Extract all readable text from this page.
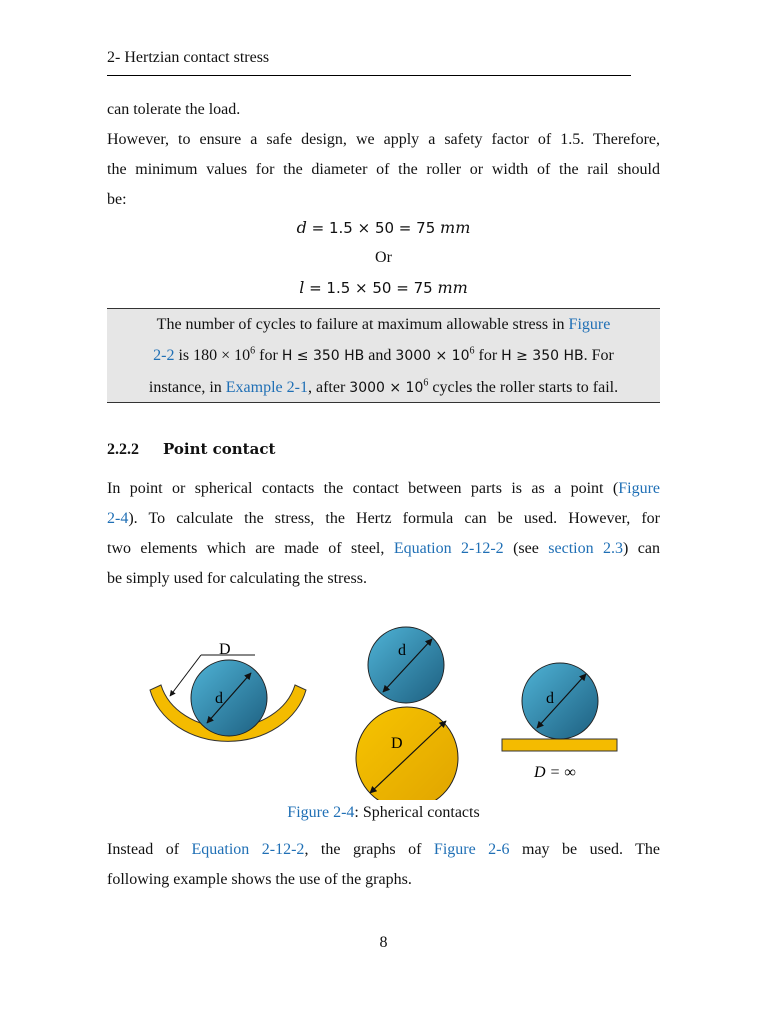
2- Hertzian contact stress
can tolerate the load.
However, to ensure a safe design, we apply a safety factor of 1.5. Therefore,
the minimum values for the diameter of the roller or width of the rail should
be:
d = 1.5 × 50 = 75 mm
Or
l = 1.5 × 50 = 75 mm

The number of cycles to failure at maximum allowable stress in Figure

2-2 is $180 \times 10^6$ for H ≤ 350 HB and $3000 \times 10^6$ for H ≥ 350 HB. For

instance, in Example 2-1, after $3000 \times 10^6$ cycles the roller starts to fail.

2.2.2 Point contact
In point or spherical contacts the contact between parts is as a point (Figure
2-4). To calculate the stress, the Hertz formula can be used. However, for
two elements which are made of steel, Equation 2-12-2 (see section 2.3) can
be simply used for calculating the stress.
D
d
d
D
d
D = ∞
Figure 2-4: Spherical contacts
Instead of Equation 2-12-2, the graphs of Figure 2-6 may be used. The
following example shows the use of the graphs.
8
